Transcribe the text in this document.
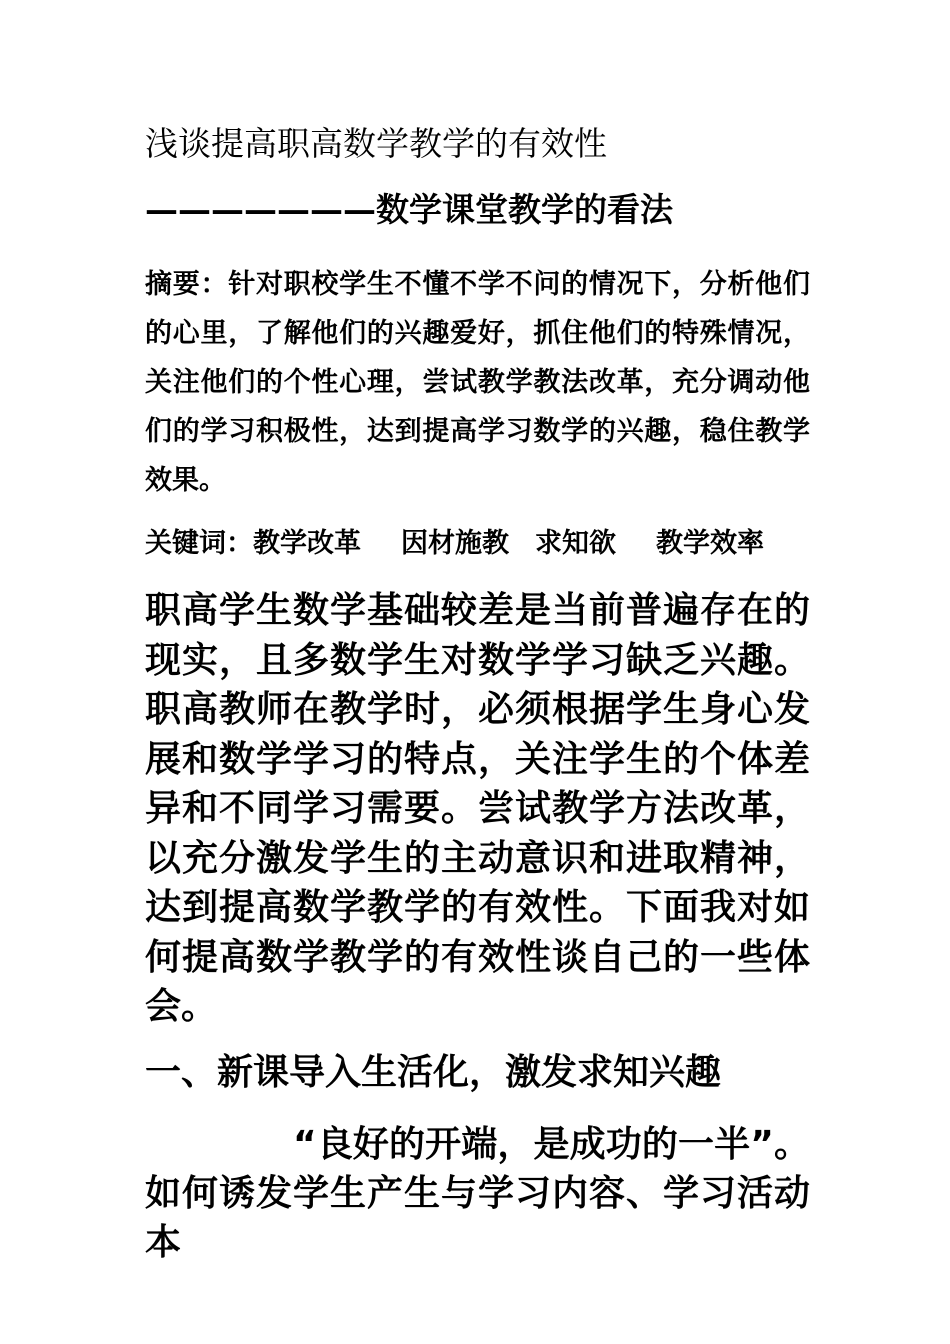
浅谈提高职高数学教学的有效性
———————数学课堂教学的看法
摘要：针对职校学生不懂不学不问的情况下，分析他们的心里，了解他们的兴趣爱好，抓住他们的特殊情况，关注他们的个性心理，尝试教学教法改革，充分调动他们的学习积极性，达到提高学习数学的兴趣，稳住教学效果。
关键词：教学改革 因材施教 求知欲 教学效率
职高学生数学基础较差是当前普遍存在的现实，且多数学生对数学学习缺乏兴趣。职高教师在教学时，必须根据学生身心发展和数学学习的特点，关注学生的个体差异和不同学习需要。尝试教学方法改革，以充分激发学生的主动意识和进取精神，达到提高数学教学的有效性。下面我对如何提高数学教学的有效性谈自己的一些体会。
一、新课导入生活化，激发求知兴趣
“良好的开端，是成功的一半”。如何诱发学生产生与学习内容、学习活动本
